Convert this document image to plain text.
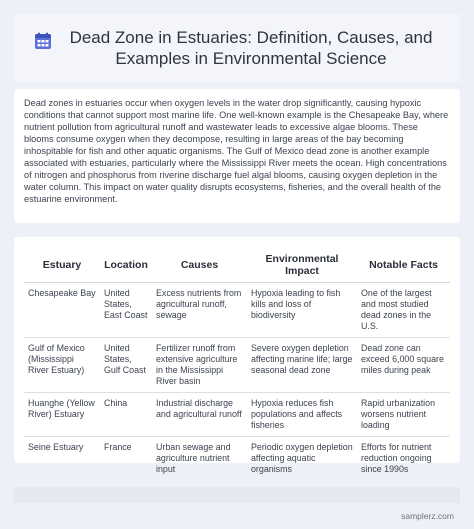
Dead Zone in Estuaries: Definition, Causes, and Examples in Environmental Science

Dead zones in estuaries occur when oxygen levels in the water drop significantly, causing hypoxic conditions that cannot support most marine life. One well-known example is the Chesapeake Bay, where nutrient pollution from agricultural runoff and wastewater leads to excessive algae blooms. These blooms consume oxygen when they decompose, resulting in large areas of the bay becoming inhospitable for fish and other aquatic organisms. The Gulf of Mexico dead zone is another example associated with estuaries, particularly where the Mississippi River meets the ocean. High concentrations of nitrogen and phosphorus from riverine discharge fuel algal blooms, causing oxygen depletion in the water column. This impact on water quality disrupts ecosystems, fisheries, and the overall health of the estuarine environment.

Estuary	Location	Causes	Environmental Impact	Notable Facts
Chesapeake Bay	United States, East Coast	Excess nutrients from agricultural runoff, sewage	Hypoxia leading to fish kills and loss of biodiversity	One of the largest and most studied dead zones in the U.S.
Gulf of Mexico (Mississippi River Estuary)	United States, Gulf Coast	Fertilizer runoff from extensive agriculture in the Mississippi River basin	Severe oxygen depletion affecting marine life; large seasonal dead zone	Dead zone can exceed 6,000 square miles during peak
Huanghe (Yellow River) Estuary	China	Industrial discharge and agricultural runoff	Hypoxia reduces fish populations and affects fisheries	Rapid urbanization worsens nutrient loading
Seine Estuary	France	Urban sewage and agriculture nutrient input	Periodic oxygen depletion affecting aquatic organisms	Efforts for nutrient reduction ongoing since 1990s
samplerz.com
